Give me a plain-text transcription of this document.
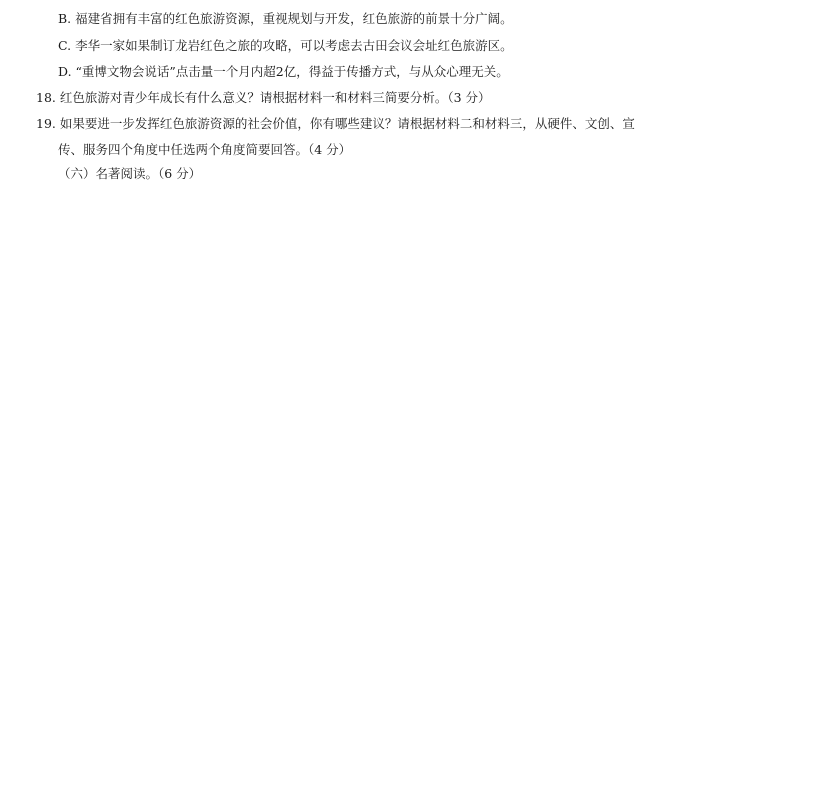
B. 福建省拥有丰富的红色旅游资源，重视规划与开发，红色旅游的前景十分广阔。
C. 李华一家如果制订龙岩红色之旅的攻略，可以考虑去古田会议会址红色旅游区。
D. “重博文物会说话”点击量一个月内超2亿，得益于传播方式，与从众心理无关。
18. 红色旅游对青少年成长有什么意义？请根据材料一和材料三简要分析。（3 分）
19. 如果要进一步发挥红色旅游资源的社会价值，你有哪些建议？请根据材料二和材料三，从硬件、文创、宣
传、服务四个角度中任选两个角度简要回答。（4 分）
（六）名著阅读。（6 分）
